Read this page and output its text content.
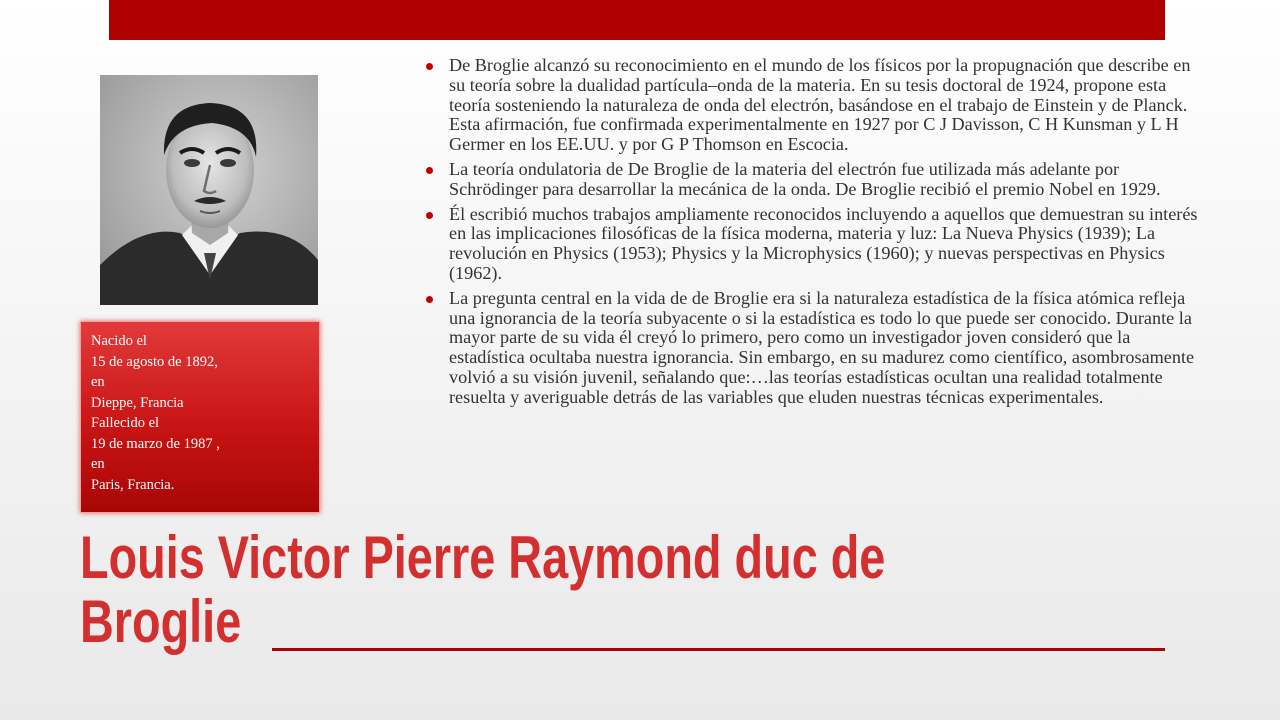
Nacido el
15 de agosto de 1892,
en
Dieppe, Francia
Fallecido el
19 de marzo de 1987 ,
en
Paris, Francia.
De Broglie alcanzó su reconocimiento en el mundo de los físicos por la propugnación que describe en su teoría sobre la dualidad partícula–onda de la materia. En su tesis doctoral de 1924, propone esta teoría sosteniendo la naturaleza de onda del electrón, basándose en el trabajo de Einstein y de Planck. Esta afirmación, fue confirmada experimentalmente en 1927 por C J Davisson, C H Kunsman y L H Germer en los EE.UU. y por G P Thomson en Escocia.
La teoría ondulatoria de De Broglie de la materia del electrón fue utilizada más adelante por Schrödinger para desarrollar la mecánica de la onda. De Broglie recibió el premio Nobel en 1929.
Él escribió muchos trabajos ampliamente reconocidos incluyendo a aquellos que demuestran su interés en las implicaciones filosóficas de la física moderna, materia y luz: La Nueva Physics (1939); La revolución en Physics (1953); Physics y la Microphysics (1960); y nuevas perspectivas en Physics (1962).
La pregunta central en la vida de de Broglie era si la naturaleza estadística de la física atómica refleja una ignorancia de la teoría subyacente o si la estadística es todo lo que puede ser conocido. Durante la mayor parte de su vida él creyó lo primero, pero como un investigador joven consideró que la estadística ocultaba nuestra ignorancia. Sin embargo, en su madurez como científico, asombrosamente volvió a su visión juvenil, señalando que:…las teorías estadísticas ocultan una realidad totalmente resuelta y averiguable detrás de las variables que eluden nuestras técnicas experimentales.
Louis Victor Pierre Raymond duc de
Broglie
